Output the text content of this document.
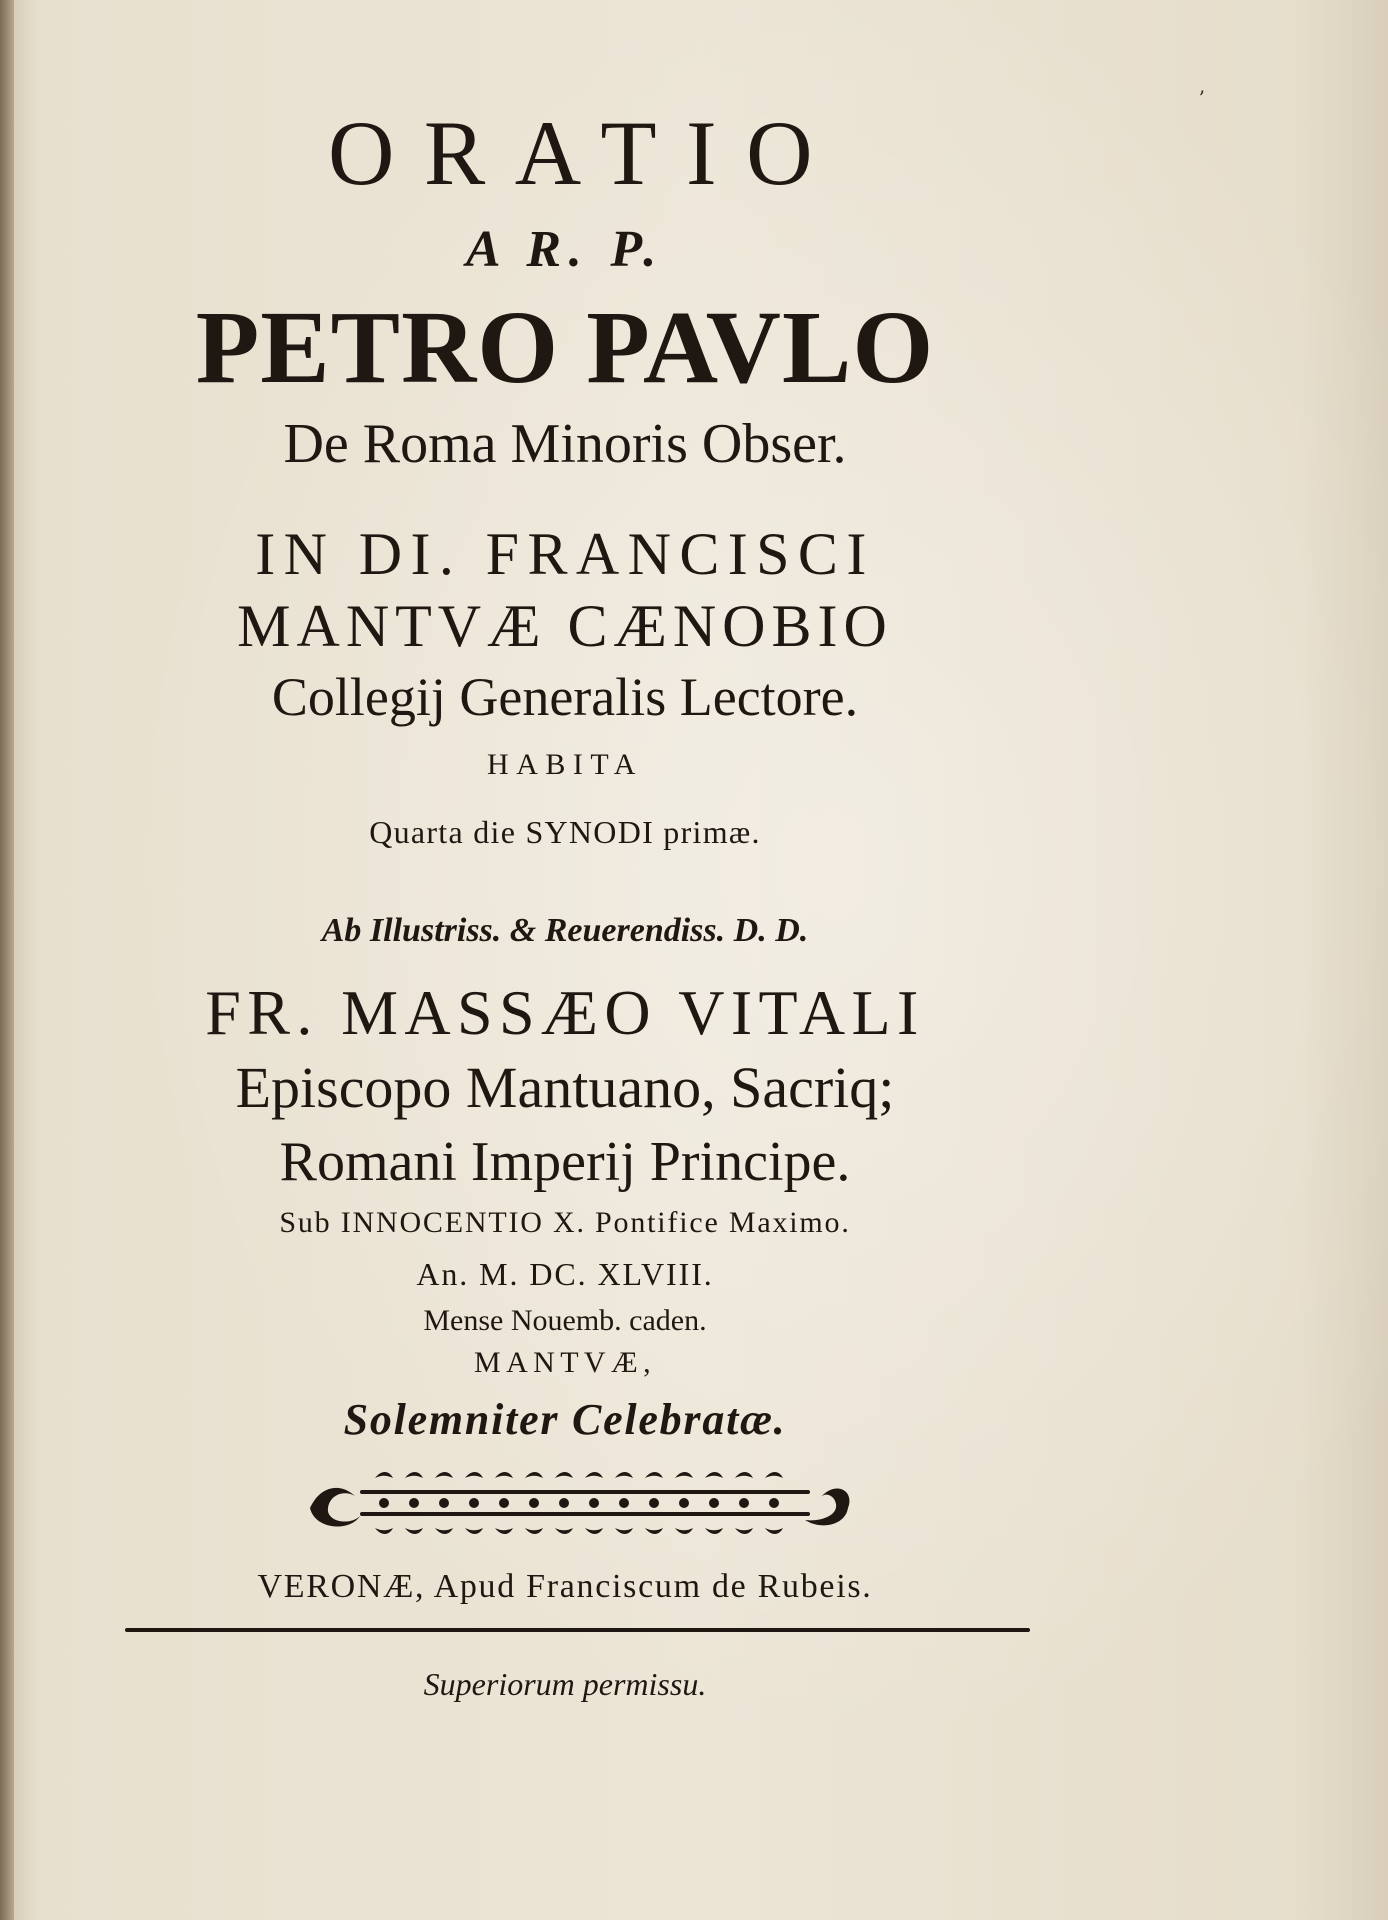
ʼ
ORATIO
A R. P.
PETRO PAVLO
De Roma Minoris Obser.
IN DI. FRANCISCI
MANTVÆ CÆNOBIO
Collegij Generalis Lectore.
HABITA
Quarta die SYNODI primæ.
Ab Illustriss. & Reuerendiss. D. D.
FR. MASSÆO VITALI
Episcopo Mantuano, Sacriq;
Romani Imperij Principe.
Sub INNOCENTIO X. Pontifice Maximo.
An. M. DC. XLVIII.
Mense Nouemb. caden.
MANTVÆ,
Solemniter Celebratæ.
VERONÆ, Apud Franciscum de Rubeis.
Superiorum permissu.
